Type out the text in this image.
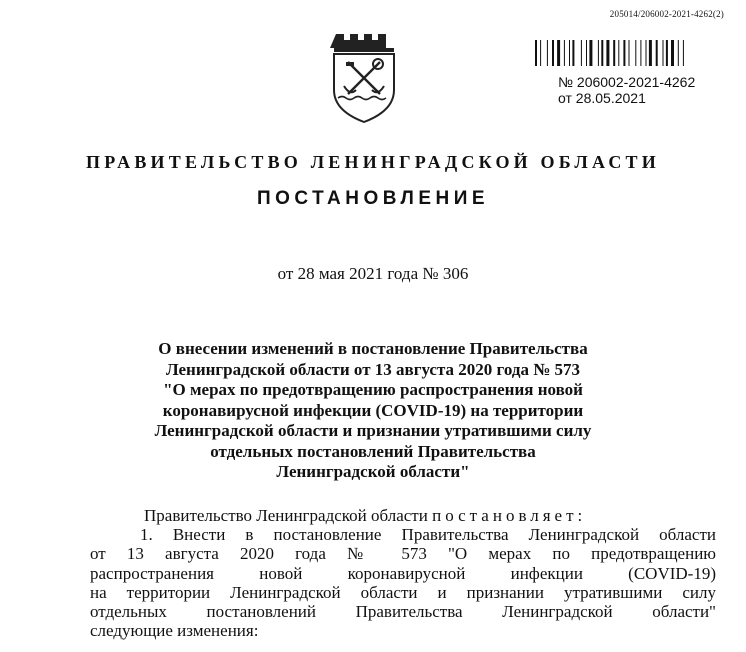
205014/206002-2021-4262(2)
№ 206002-2021-4262
от 28.05.2021
ПРАВИТЕЛЬСТВО ЛЕНИНГРАДСКОЙ ОБЛАСТИ
ПОСТАНОВЛЕНИЕ
от 28 мая 2021 года № 306
О внесении изменений в постановление Правительства
Ленинградской области от 13 августа 2020 года № 573
"О мерах по предотвращению распространения новой
коронавирусной инфекции (COVID-19) на территории
Ленинградской области и признании утратившими силу
отдельных постановлений Правительства
Ленинградской области"
Правительство Ленинградской области постановляет:
1. Внести в постановление Правительства Ленинградской области
от 13 августа 2020 года № 573 "О мерах по предотвращению
распространения новой коронавирусной инфекции (COVID-19)
на территории Ленинградской области и признании утратившими силу
отдельных постановлений Правительства Ленинградской области"
следующие изменения:
